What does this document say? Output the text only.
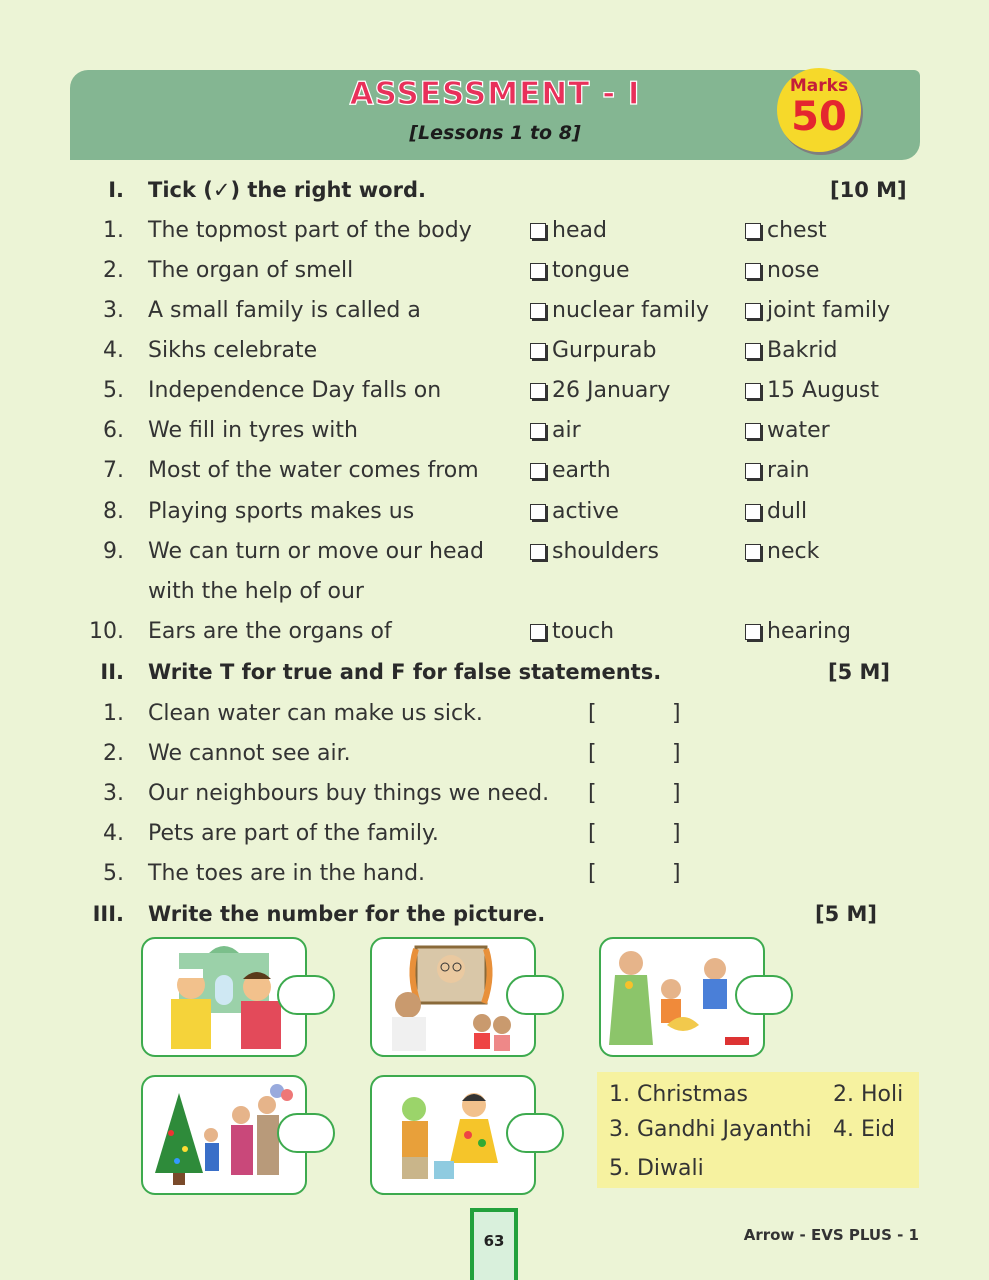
ASSESSMENT - I
[Lessons 1 to 8]
Marks
50
I. Tick (✓) the right word.	[10 M]
1. The topmost part of the body	head	chest
2. The organ of smell	tongue	nose
3. A small family is called a	nuclear family	joint family
4. Sikhs celebrate	Gurpurab	Bakrid
5. Independence Day falls on	26 January	15 August
6. We fill in tyres with	air	water
7. Most of the water comes from	earth	rain
8. Playing sports makes us	active	dull
9. We can turn or move our head
with the help of our
shoulders	neck
10. Ears are the organs of	touch	hearing
II. Write T for true and F for false statements.	[5 M]
1. Clean water can make us sick.	[	]
2. We cannot see air.	[	]
3. Our neighbours buy things we need. [	]
4. Pets are part of the family.	[	]
5. The toes are in the hand.	[	]
III. Write the number for the picture.	[5 M]
1. Christmas	2. Holi
3. Gandhi Jayanthi 4. Eid
5. Diwali
63	Arrow - EVS PLUS - 1
